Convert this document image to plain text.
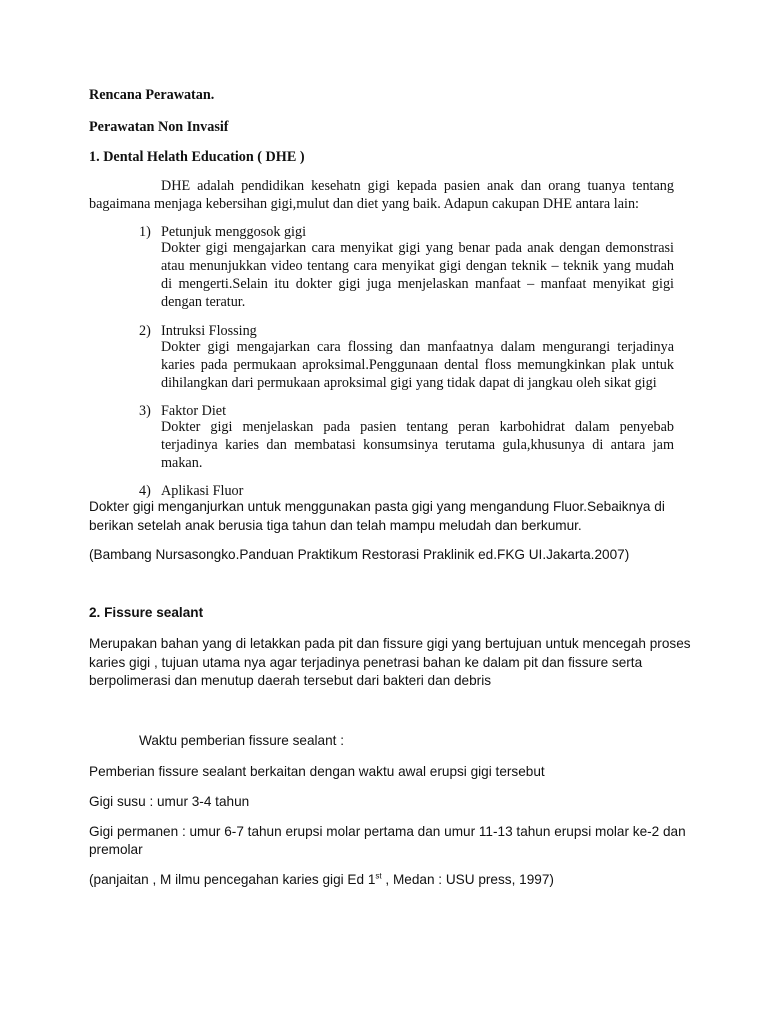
Rencana Perawatan.
Perawatan Non Invasif
1. Dental Helath Education ( DHE )
DHE adalah pendidikan kesehatn gigi kepada pasien anak dan orang tuanya tentang
bagaimana menjaga kebersihan gigi,mulut dan diet yang baik. Adapun cakupan DHE antara lain:
1) Petunjuk menggosok gigi
Dokter gigi mengajarkan cara menyikat gigi yang benar pada anak dengan demonstrasi
atau menunjukkan video tentang cara menyikat gigi dengan teknik – teknik yang mudah
di mengerti.Selain itu dokter gigi juga menjelaskan manfaat – manfaat menyikat gigi
dengan teratur.
2) Intruksi Flossing
Dokter gigi mengajarkan cara flossing dan manfaatnya dalam mengurangi terjadinya
karies pada permukaan aproksimal.Penggunaan dental floss memungkinkan plak untuk
dihilangkan dari permukaan aproksimal gigi yang tidak dapat di jangkau oleh sikat gigi
3) Faktor Diet
Dokter gigi menjelaskan pada pasien tentang peran karbohidrat dalam penyebab
terjadinya karies dan membatasi konsumsinya terutama gula,khusunya di antara jam
makan.
4) Aplikasi Fluor
Dokter gigi menganjurkan untuk menggunakan pasta gigi yang mengandung Fluor.Sebaiknya di
berikan setelah anak berusia tiga tahun dan telah mampu meludah dan berkumur.
(Bambang Nursasongko.Panduan Praktikum Restorasi Praklinik ed.FKG UI.Jakarta.2007)
2. Fissure sealant
Merupakan bahan yang di letakkan pada pit dan fissure gigi yang bertujuan untuk mencegah proses
karies gigi , tujuan utama nya agar terjadinya penetrasi bahan ke dalam pit dan fissure serta
berpolimerasi dan menutup daerah tersebut dari bakteri dan debris
Waktu pemberian fissure sealant :
Pemberian fissure sealant berkaitan dengan waktu awal erupsi gigi tersebut
Gigi susu : umur 3-4 tahun
Gigi permanen : umur 6-7 tahun erupsi molar pertama dan umur 11-13 tahun erupsi molar ke-2 dan
premolar
(panjaitan , M ilmu pencegahan karies gigi Ed 1st , Medan : USU press, 1997)
